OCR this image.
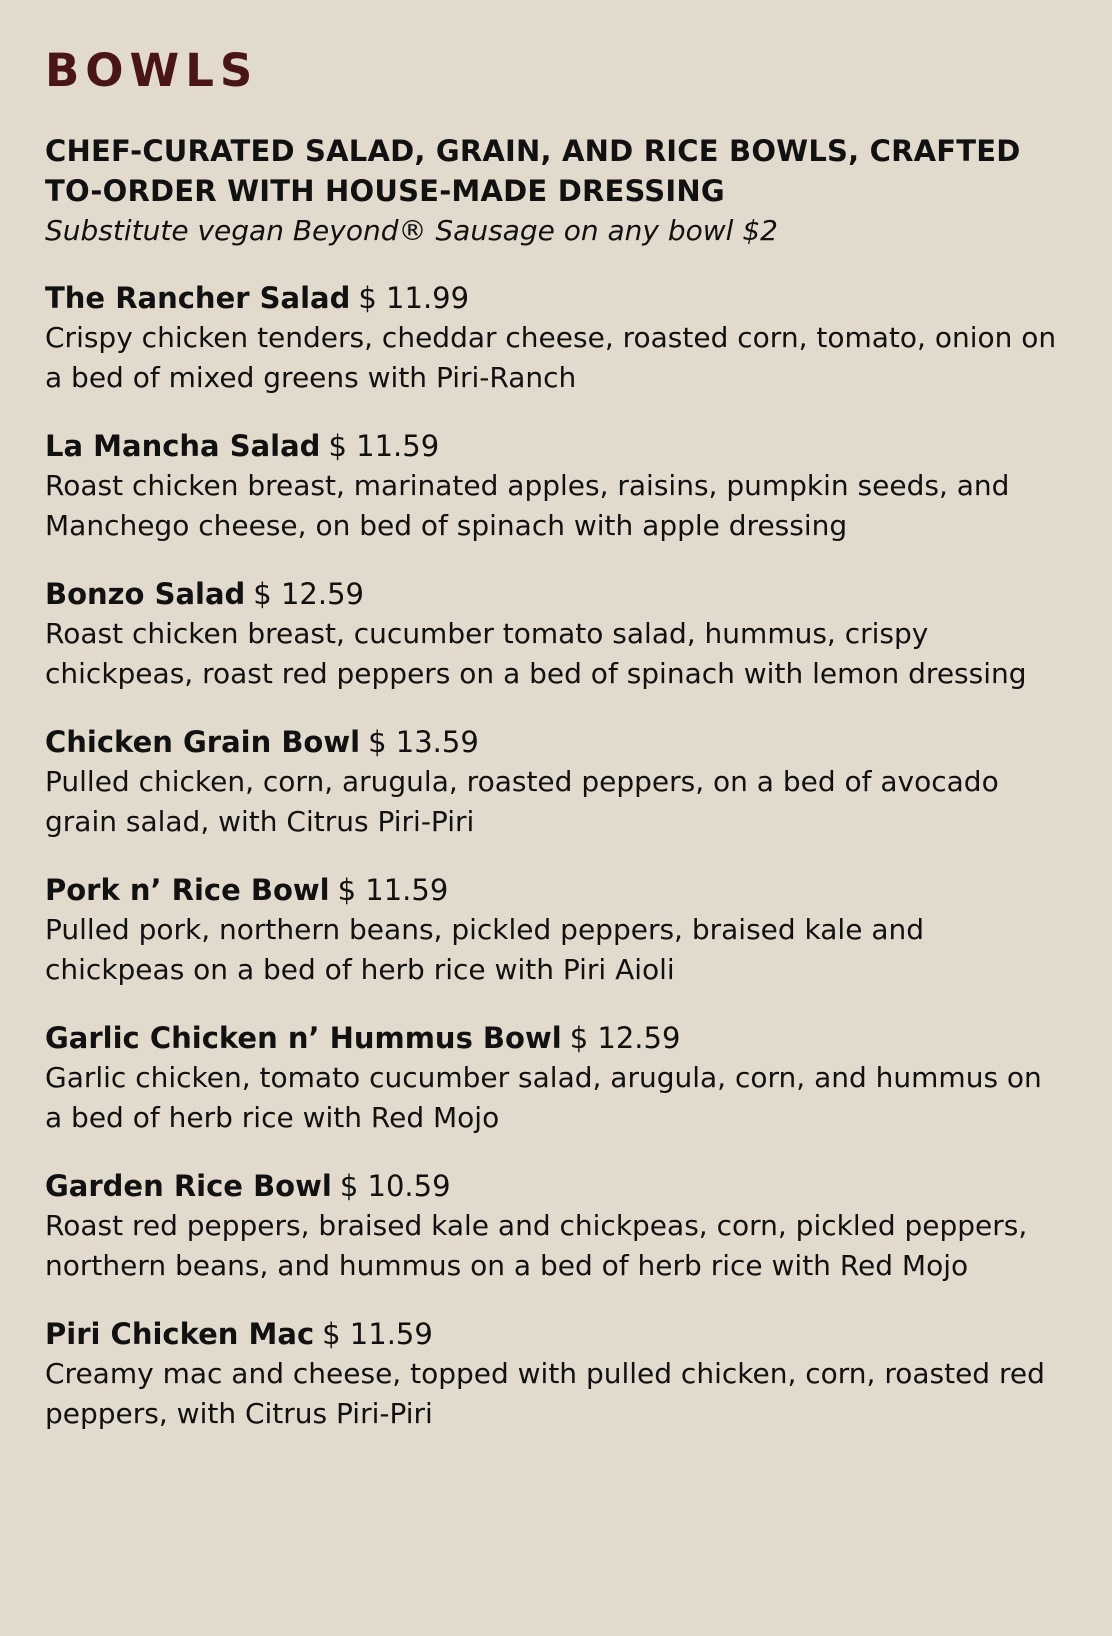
BOWLS
CHEF-CURATED SALAD, GRAIN, AND RICE BOWLS, CRAFTED TO-ORDER WITH HOUSE-MADE DRESSING
Substitute vegan Beyond® Sausage on any bowl $2
The Rancher Salad $ 11.99
Crispy chicken tenders, cheddar cheese, roasted corn, tomato, onion on a bed of mixed greens with Piri-Ranch
La Mancha Salad $ 11.59
Roast chicken breast, marinated apples, raisins, pumpkin seeds, and Manchego cheese, on bed of spinach with apple dressing
Bonzo Salad $ 12.59
Roast chicken breast, cucumber tomato salad, hummus, crispy chickpeas, roast red peppers on a bed of spinach with lemon dressing
Chicken Grain Bowl $ 13.59
Pulled chicken, corn, arugula, roasted peppers, on a bed of avocado grain salad, with Citrus Piri-Piri
Pork n’ Rice Bowl $ 11.59
Pulled pork, northern beans, pickled peppers, braised kale and chickpeas on a bed of herb rice with Piri Aioli
Garlic Chicken n’ Hummus Bowl $ 12.59
Garlic chicken, tomato cucumber salad, arugula, corn, and hummus on a bed of herb rice with Red Mojo
Garden Rice Bowl $ 10.59
Roast red peppers, braised kale and chickpeas, corn, pickled peppers, northern beans, and hummus on a bed of herb rice with Red Mojo
Piri Chicken Mac $ 11.59
Creamy mac and cheese, topped with pulled chicken, corn, roasted red peppers, with Citrus Piri-Piri
